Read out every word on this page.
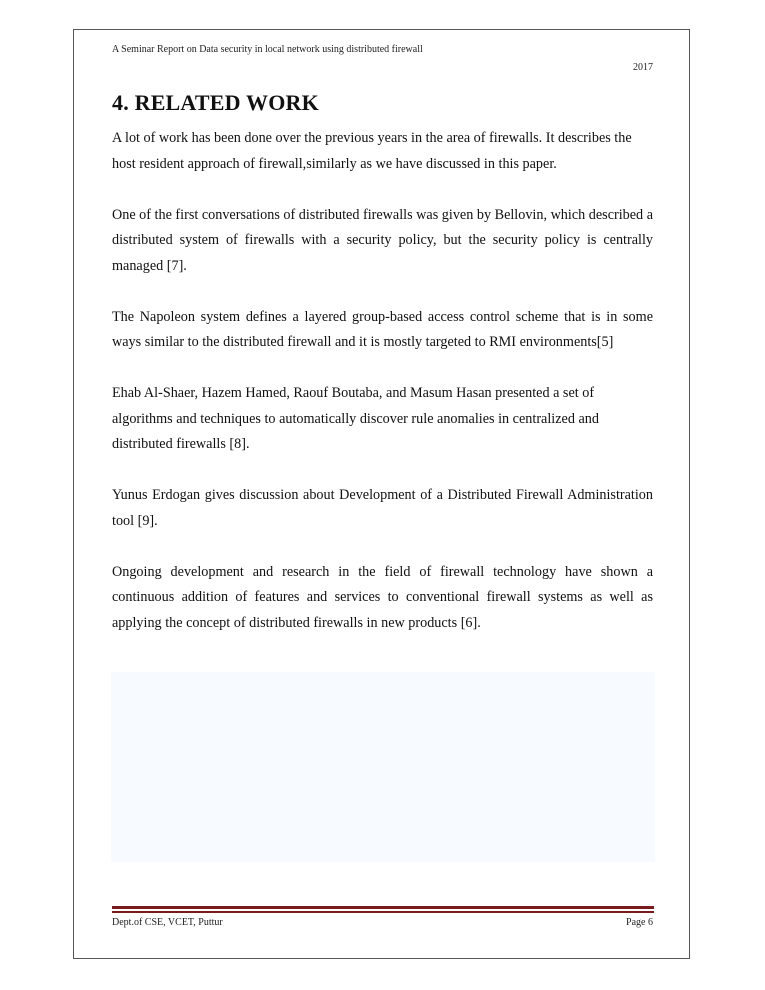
A Seminar Report on Data security in local network using distributed firewall
2017
4. RELATED WORK

A lot of work has been done over the previous years in the area of firewalls. It describes the host resident approach of firewall,similarly as we have discussed in this paper.

One of the first conversations of distributed firewalls was given by Bellovin, which described a distributed system of firewalls with a security policy, but the security policy is centrally managed [7].

The Napoleon system defines a layered group-based access control scheme that is in some ways similar to the distributed firewall and it is mostly targeted to RMI environments[5]

Ehab Al-Shaer, Hazem Hamed, Raouf Boutaba, and Masum Hasan presented a set of algorithms and techniques to automatically discover rule anomalies in centralized and distributed firewalls [8].

Yunus Erdogan gives discussion about Development of a Distributed Firewall Administration tool [9].

Ongoing development and research in the field of firewall technology have shown a continuous addition of features and services to conventional firewall systems as well as applying the concept of distributed firewalls in new products [6].

Dept.of CSE, VCET, Puttur	Page 6
